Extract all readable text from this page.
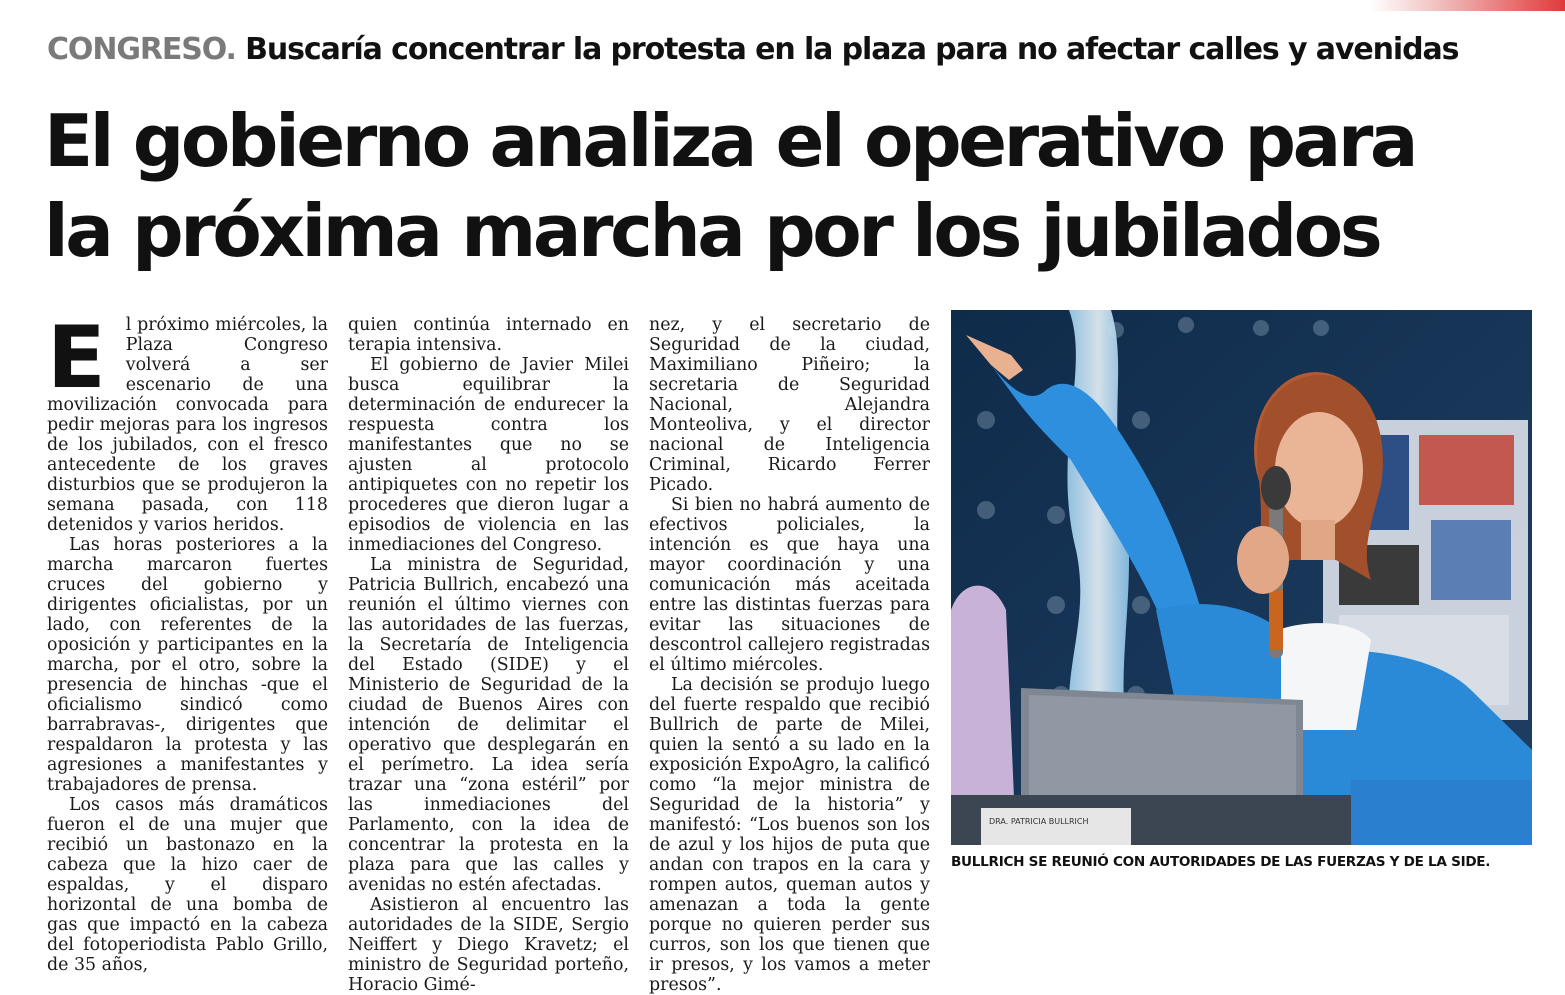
CONGRESO. Buscaría concentrar la protesta en la plaza para no afectar calles y avenidas
El gobierno analiza el operativo para
la próxima marcha por los jubilados

E l próximo miércoles, la Plaza Congreso volverá a ser escenario de una movilización convocada para pedir mejoras para los ingresos de los jubilados, con el fresco antecedente de los graves disturbios que se produjeron la semana pasada, con 118 detenidos y varios heridos.

Las horas posteriores a la marcha marcaron fuertes cruces del gobierno y dirigentes oficialistas, por un lado, con referentes de la oposición y participantes en la marcha, por el otro, sobre la presencia de hinchas -que el oficialismo sindicó como barrabravas-, dirigentes que respaldaron la protesta y las agresiones a manifestantes y trabajadores de prensa.

Los casos más dramáticos fueron el de una mujer que recibió un bastonazo en la cabeza que la hizo caer de espaldas, y el disparo horizontal de una bomba de gas que impactó en la cabeza del fotoperiodista Pablo Grillo, de 35 años,

quien continúa internado en terapia intensiva.

El gobierno de Javier Milei busca equilibrar la determinación de endurecer la respuesta contra los manifestantes que no se ajusten al protocolo antipiquetes con no repetir los procederes que dieron lugar a episodios de violencia en las inmediaciones del Congreso.

La ministra de Seguridad, Patricia Bullrich, encabezó una reunión el último viernes con las autoridades de las fuerzas, la Secretaría de Inteligencia del Estado (SIDE) y el Ministerio de Seguridad de la ciudad de Buenos Aires con intención de delimitar el operativo que desplegarán en el perímetro. La idea sería trazar una “zona estéril” por las inmediaciones del Parlamento, con la idea de concentrar la protesta en la plaza para que las calles y avenidas no estén afectadas.

Asistieron al encuentro las autoridades de la SIDE, Sergio Neiffert y Diego Kravetz; el ministro de Seguridad porteño, Horacio Gimé-

nez, y el secretario de Seguridad de la ciudad, Maximiliano Piñeiro; la secretaria de Seguridad Nacional, Alejandra Monteoliva, y el director nacional de Inteligencia Criminal, Ricardo Ferrer Picado.

Si bien no habrá aumento de efectivos policiales, la intención es que haya una mayor coordinación y una comunicación más aceitada entre las distintas fuerzas para evitar las situaciones de descontrol callejero registradas el último miércoles.

La decisión se produjo luego del fuerte respaldo que recibió Bullrich de parte de Milei, quien la sentó a su lado en la exposición ExpoAgro, la calificó como “la mejor ministra de Seguridad de la historia” y manifestó: “Los buenos son los de azul y los hijos de puta que andan con trapos en la cara y rompen autos, queman autos y amenazan a toda la gente porque no quieren perder sus curros, son los que tienen que ir presos, y los vamos a meter presos”.

DRA. PATRICIA BULLRICH
BULLRICH SE REUNIÓ CON AUTORIDADES DE LAS FUERZAS Y DE LA SIDE.
